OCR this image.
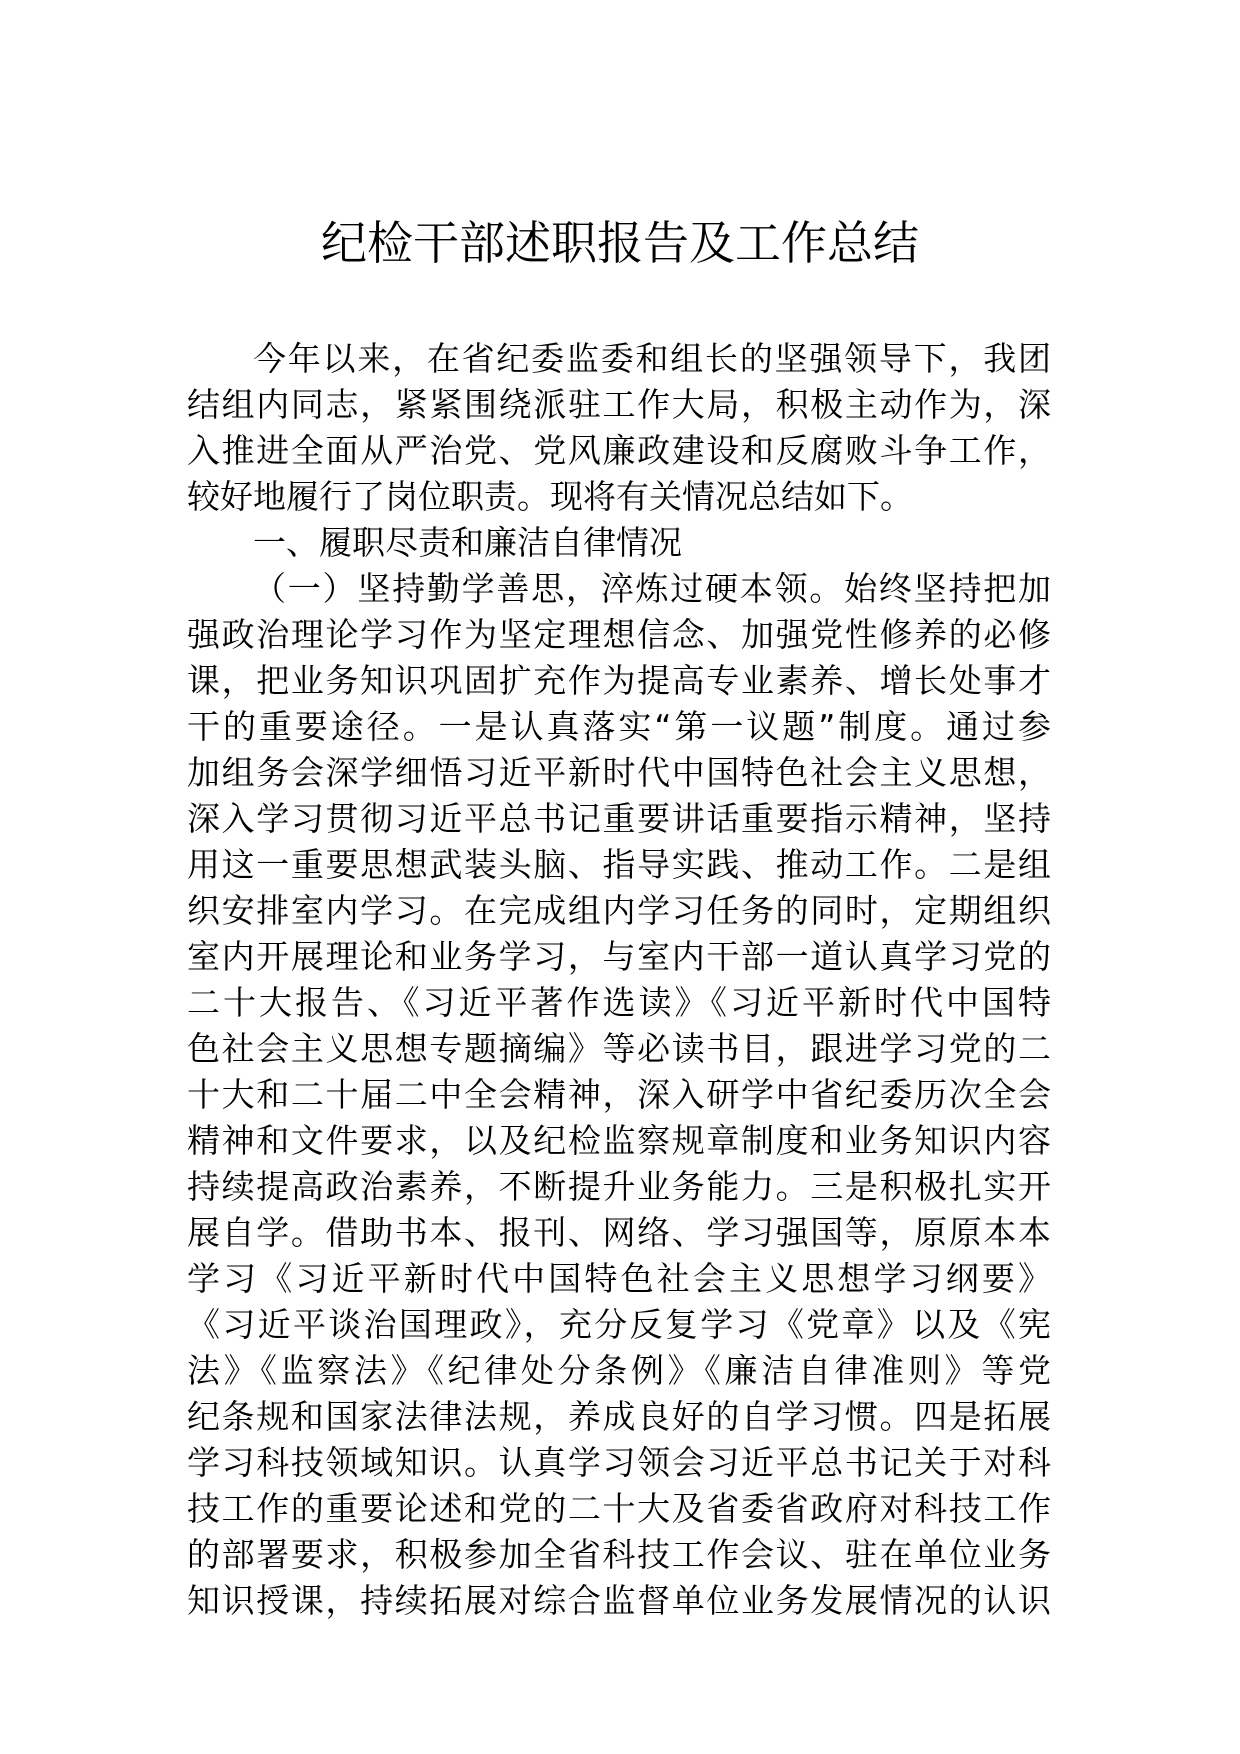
纪检干部述职报告及工作总结
今年以来，在省纪委监委和组长的坚强领导下，我团
结组内同志，紧紧围绕派驻工作大局，积极主动作为，深
入推进全面从严治党、党风廉政建设和反腐败斗争工作，
较好地履行了岗位职责。现将有关情况总结如下。
一、履职尽责和廉洁自律情况
（一）坚持勤学善思，淬炼过硬本领。始终坚持把加
强政治理论学习作为坚定理想信念、加强党性修养的必修
课，把业务知识巩固扩充作为提高专业素养、增长处事才
干的重要途径。一是认真落实“第一议题”制度。通过参
加组务会深学细悟习近平新时代中国特色社会主义思想，
深入学习贯彻习近平总书记重要讲话重要指示精神，坚持
用这一重要思想武装头脑、指导实践、推动工作。二是组
织安排室内学习。在完成组内学习任务的同时，定期组织
室内开展理论和业务学习，与室内干部一道认真学习党的
二十大报告、《习近平著作选读》《习近平新时代中国特
色社会主义思想专题摘编》等必读书目，跟进学习党的二
十大和二十届二中全会精神，深入研学中省纪委历次全会
精神和文件要求，以及纪检监察规章制度和业务知识内容
持续提高政治素养，不断提升业务能力。三是积极扎实开
展自学。借助书本、报刊、网络、学习强国等，原原本本
学习《习近平新时代中国特色社会主义思想学习纲要》
《习近平谈治国理政》，充分反复学习《党章》以及《宪
法》《监察法》《纪律处分条例》《廉洁自律准则》等党
纪条规和国家法律法规，养成良好的自学习惯。四是拓展
学习科技领域知识。认真学习领会习近平总书记关于对科
技工作的重要论述和党的二十大及省委省政府对科技工作
的部署要求，积极参加全省科技工作会议、驻在单位业务
知识授课，持续拓展对综合监督单位业务发展情况的认识
